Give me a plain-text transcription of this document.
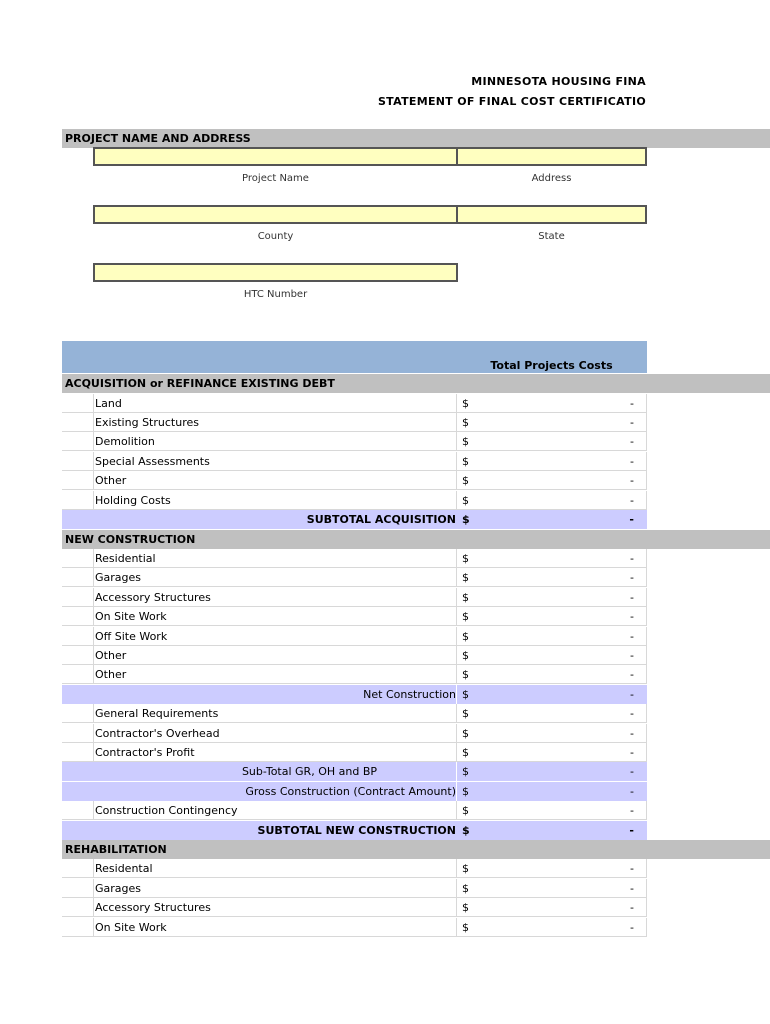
MINNESOTA HOUSING FINA
STATEMENT OF FINAL COST CERTIFICATIO
PROJECT NAME AND ADDRESS
Project Name	Address
County	State
HTC Number
Total Projects Costs
ACQUISITION or REFINANCE EXISTING DEBT
Land	$	-
Existing Structures	$	-
Demolition	$	-
Special Assessments	$	-
Other	$	-
Holding Costs	$	-
SUBTOTAL ACQUISITION $	-
NEW CONSTRUCTION
Residential	$	-
Garages	$	-
Accessory Structures	$	-
On Site Work	$	-
Off Site Work	$	-
Other	$	-
Other	$	-
Net Construction $	-
General Requirements	$	-
Contractor's Overhead	$	-
Contractor's Profit	$	-
Sub-Total GR, OH and BP	$	-
Gross Construction (Contract Amount) $	-
Construction Contingency	$	-
SUBTOTAL NEW CONSTRUCTION $	-
REHABILITATION
Residental	$	-
Garages	$	-
Accessory Structures	$	-
On Site Work	$	-
